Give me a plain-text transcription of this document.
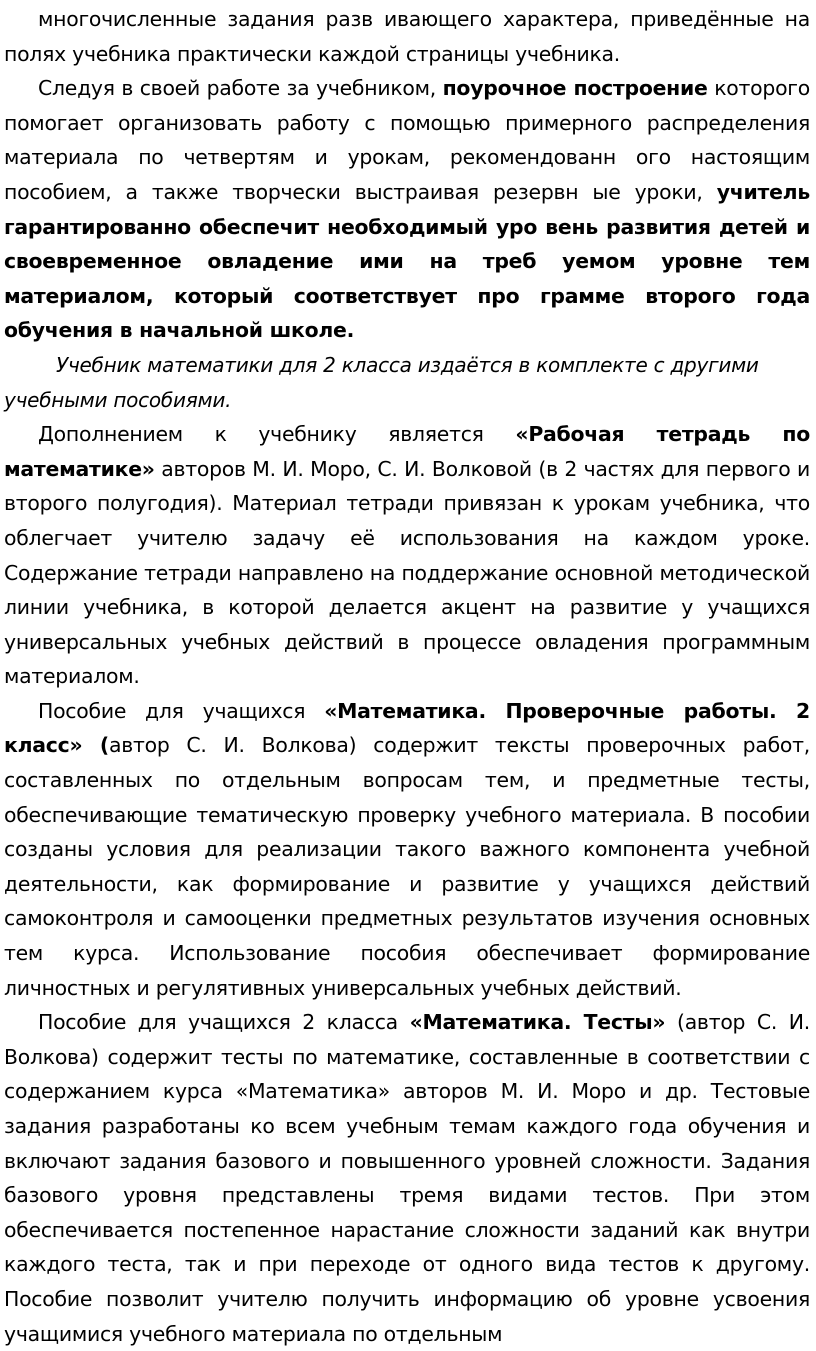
многочисленные задания разв ивающего характера, приведённые на полях учебника практически каждой страницы учебника.

Следуя в своей работе за учебником, поурочное построение которого помогает организовать работу с помощью примерного распределения материала по четвертям и урокам, рекомендованн ого настоящим пособием, а также творчески выстраивая резервн ые уроки, учитель гарантированно обеспечит необходимый уро вень развития детей и своевременное овладение ими на треб уемом уровне тем материалом, который соответствует про грамме второго года обучения в начальной школе.

Учебник математики для 2 класса издаётся в комплекте с другими учебными пособиями.

Дополнением к учебнику является «Рабочая тетрадь по математике» авторов М. И. Моро, С. И. Волковой (в 2 частях для первого и второго полугодия). Материал тетради привязан к урокам учебника, что облегчает учителю задачу её использования на каждом уроке. Содержание тетради направлено на поддержание основной методической линии учебника, в которой делается акцент на развитие у учащихся универсальных учебных действий в процессе овладения программным материалом.

Пособие для учащихся «Математика. Проверочные работы. 2 класс» (автор С. И. Волкова) содержит тексты проверочных работ, составленных по отдельным вопросам тем, и предметные тесты, обеспечивающие тематическую проверку учебного материала. В пособии созданы условия для реализации такого важного компонента учебной деятельности, как формирование и развитие у учащихся действий самоконтроля и самооценки предметных результатов изучения основных тем курса. Использование пособия обеспечивает формирование личностных и регулятивных универсальных учебных действий.

Пособие для учащихся 2 класса «Математика. Тесты» (автор С. И. Волкова) содержит тесты по математике, составленные в соответствии с содержанием курса «Математика» авторов М. И. Моро и др. Тестовые задания разработаны ко всем учебным темам каждого года обучения и включают задания базового и повышенного уровней сложности. Задания базового уровня представлены тремя видами тестов. При этом обеспечивается постепенное нарастание сложности заданий как внутри каждого теста, так и при переходе от одного вида тестов к другому. Пособие позволит учителю получить информацию об уровне усвоения учащимися учебного материала по отдельным
